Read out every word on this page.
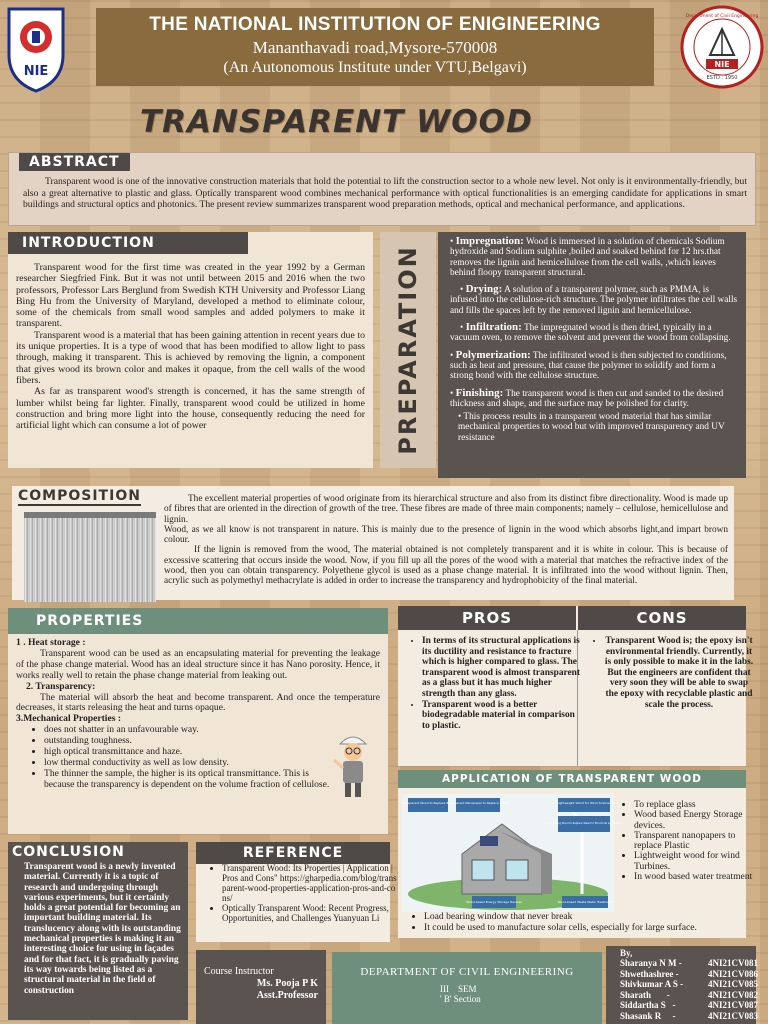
NIE
THE NATIONAL INSTITUTION OF ENIGINEERING
Mananthavadi road,Mysore-570008
(An Autonomous Institute under VTU,Belgavi)	NIE
ESTD : 1950
Department of Civil Engineering
TRANSPARENT WOOD
ABSTRACT
Transparent wood is one of the innovative construction materials that hold the potential to lift the construction sector to a whole new level. Not only is it environmentally-friendly, but also a great alternative to plastic and glass. Optically transparent wood combines mechanical performance with optical functionalities is an emerging candidate for applications in smart buildings and structural optics and photonics. The present review summarizes transparent wood preparation methods, optical and mechanical performance, and applications.
INTRODUCTION

Transparent wood for the first time was created in the year 1992 by a German researcher Siegfried Fink. But it was not until between 2015 and 2016 when the two professors, Professor Lars Berglund from Swedish KTH University and Professor Liang Bing Hu from the University of Maryland, developed a method to eliminate colour, some of the chemicals from small wood samples and added polymers to make it transparent.

Transparent wood is a material that has been gaining attention in recent years due to its unique properties. It is a type of wood that has been modified to allow light to pass through, making it transparent. This is achieved by removing the lignin, a component that gives wood its brown color and makes it opaque, from the cell walls of the wood fibers.

As far as transparent wood's strength is concerned, it has the same strength of lumber whilst being far lighter. Finally, transparent wood could be utilized in home construction and bring more light into the house, consequently reducing the need for artificial light which can consume a lot of power	PREPARATION
• Impregnation: Wood is immersed in a solution of chemicals Sodium hydroxide and Sodium sulphite ,boiled and soaked behind for 12 hrs.that removes the lignin and hemicellulose from the cell walls, ,which leaves behind floopy transparent structural.
• Drying: A solution of a transparent polymer, such as PMMA, is infused into the cellulose-rich structure. The polymer infiltrates the cell walls and fills the spaces left by the removed lignin and hemicellulose.
• Infiltration: The impregnated wood is then dried, typically in a vacuum oven, to remove the solvent and prevent the wood from collapsing.
• Polymerization: The infiltrated wood is then subjected to conditions, such as heat and pressure, that cause the polymer to solidify and form a strong bond with the cellulose structure.
• Finishing: The transparent wood is then cut and sanded to the desired thickness and shape, and the surface may be polished for clarity.
• This process results in a transparent wood material that has similar mechanical properties to wood but with improved transparency and UV resistance
COMPOSITION	The excellent material properties of wood originate from its hierarchical structure and also from its distinct fibre directionality. Wood is made up of fibres that are oriented in the direction of growth of the tree. These fibres are made of three main components; namely – cellulose, hemicellulose and lignin.

Wood, as we all know is not transparent in nature. This is mainly due to the presence of lignin in the wood which absorbs light,and impart brown colour.

If the lignin is removed from the wood, The material obtained is not completely transparent and it is white in colour. This is because of excessive scattering that occurs inside the wood. Now, if you fill up all the pores of the wood with a material that matches the refractive index of the wood, then you can obtain transparency. Polyethene glycol is used as a phase change material. It is infiltrated into the wood without lignin. Then, acrylic such as polymethyl methacrylate is added in order to increase the transparency and hydrophobicity of the final material.

PROPERTIES
1 . Heat storage :

Transparent wood can be used as an encapsulating material for preventing the leakage of the phase change material. Wood has an ideal structure since it has Nano porosity. Hence, it works really well to retain the phase change material from leaking out.

2. Transparency:

The material will absorb the heat and become transparent. And once the temperature decreases, it starts releasing the heat and turns opaque.

3.Mechanical Properties :
• does not shatter in an unfavourable way.
• outstanding toughness.
• high optical transmittance and haze.
• low thermal conductivity as well as low density.
• The thinner the sample, the higher is its optical transmittance. This is because the transparency is dependent on the volume fraction of cellulose.
PROS	CONS
• In terms of its structural applications is its ductility and resistance to fracture which is higher compared to glass. The transparent wood is almost transparent as a glass but it has much higher strength than any glass.
• Transparent wood is a better biodegradable material in comparison to plastic.
• Transparent Wood is; the epoxy isn't environmental friendly. Currently, it is only possible to make it in the labs. But the engineers are confident that very soon they will be able to swap the epoxy with recyclable plastic and scale the process.
APPLICATION OF TRANSPARENT WOOD
Transparent Wood to Replace Glass
Transparent Nanopaper to Replace Plastic	Lightweight Wood for Wind Turbines
Super-strong Wood to Replace Steel for Structural Applications
Wood-based Energy Storage Devices	Wood-based Waste Water Treatment
• To replace glass
• Wood based Energy Storage devices.
• Transparent nanopapers to replace Plastic
• Lightweight wood for wind Turbines.
• In wood based water treatment
• Load bearing window that never break
• It could be used to manufacture solar cells, especially for large surface.
CONCLUSION
Transparent wood is a newly invented material. Currently it is a topic of research and undergoing through various experiments, but it certainly holds a great potential for becoming an important building material. Its translucency along with its outstanding mechanical properties is making it an interesting choice for using in façades and for that fact, it is gradually paving its way towards being listed as a structural material in the field of construction
REFERENCE
• Transparent Wood: Its Properties | Application | Pros and Cons" https://gharpedia.com/blog/transparent-wood-properties-application-pros-and-cons/
• Optically Transparent Wood: Recent Progress, Opportunities, and Challenges Yuanyuan Li
Course Instructor
Ms. Pooja P K
Asst.Professor
DEPARTMENT OF CIVIL ENGINEERING
III    SEM
' B' Section
By,
Sharanya N M -	4NI21CV081
Shwethashree -	4NI21CV086
Shivkumar A S -	4NI21CV085
Sharath       -	4NI21CV082
Siddartha S   -	4NI21CV087
Shasank R     -	4NI21CV083
